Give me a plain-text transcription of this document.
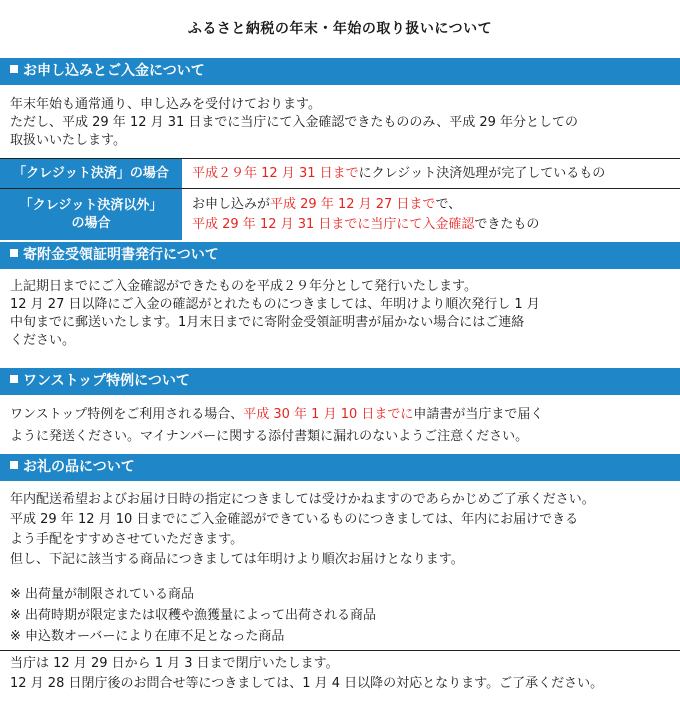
ふるさと納税の年末・年始の取り扱いについて
お申し込みとご入金について

年末年始も通常通り、申し込みを受付けております。

ただし、平成 29 年 12 月 31 日までに当庁にて入金確認できたもののみ、平成 29 年分としての

取扱いいたします。

「クレジット決済」の場合 平成２９年 12 月 31 日までにクレジット決済処理が完了しているもの

「クレジット決済以外」
の場合

お申し込みが平成 29 年 12 月 27 日までで、

平成 29 年 12 月 31 日までに当庁にて入金確認できたもの

寄附金受領証明書発行について

上記期日までにご入金確認ができたものを平成２９年分として発行いたします。

12 月 27 日以降にご入金の確認がとれたものにつきましては、年明けより順次発行し 1 月

中旬までに郵送いたします。1月末日までに寄附金受領証明書が届かない場合にはご連絡

ください。

ワンストップ特例について

ワンストップ特例をご利用される場合、平成 30 年 1 月 10 日までに申請書が当庁まで届く

ように発送ください。マイナンバーに関する添付書類に漏れのないようご注意ください。

お礼の品について

年内配送希望およびお届け日時の指定につきましては受けかねますのであらかじめご了承ください。

平成 29 年 12 月 10 日までにご入金確認ができているものにつきましては、年内にお届けできる

よう手配をすすめさせていただきます。

但し、下記に該当する商品につきましては年明けより順次お届けとなります。

※ 出荷量が制限されている商品

※ 出荷時期が限定または収穫や漁獲量によって出荷される商品

※ 申込数オーバーにより在庫不足となった商品

当庁は 12 月 29 日から 1 月 3 日まで閉庁いたします。

12 月 28 日閉庁後のお問合せ等につきましては、1 月 4 日以降の対応となります。ご了承ください。
